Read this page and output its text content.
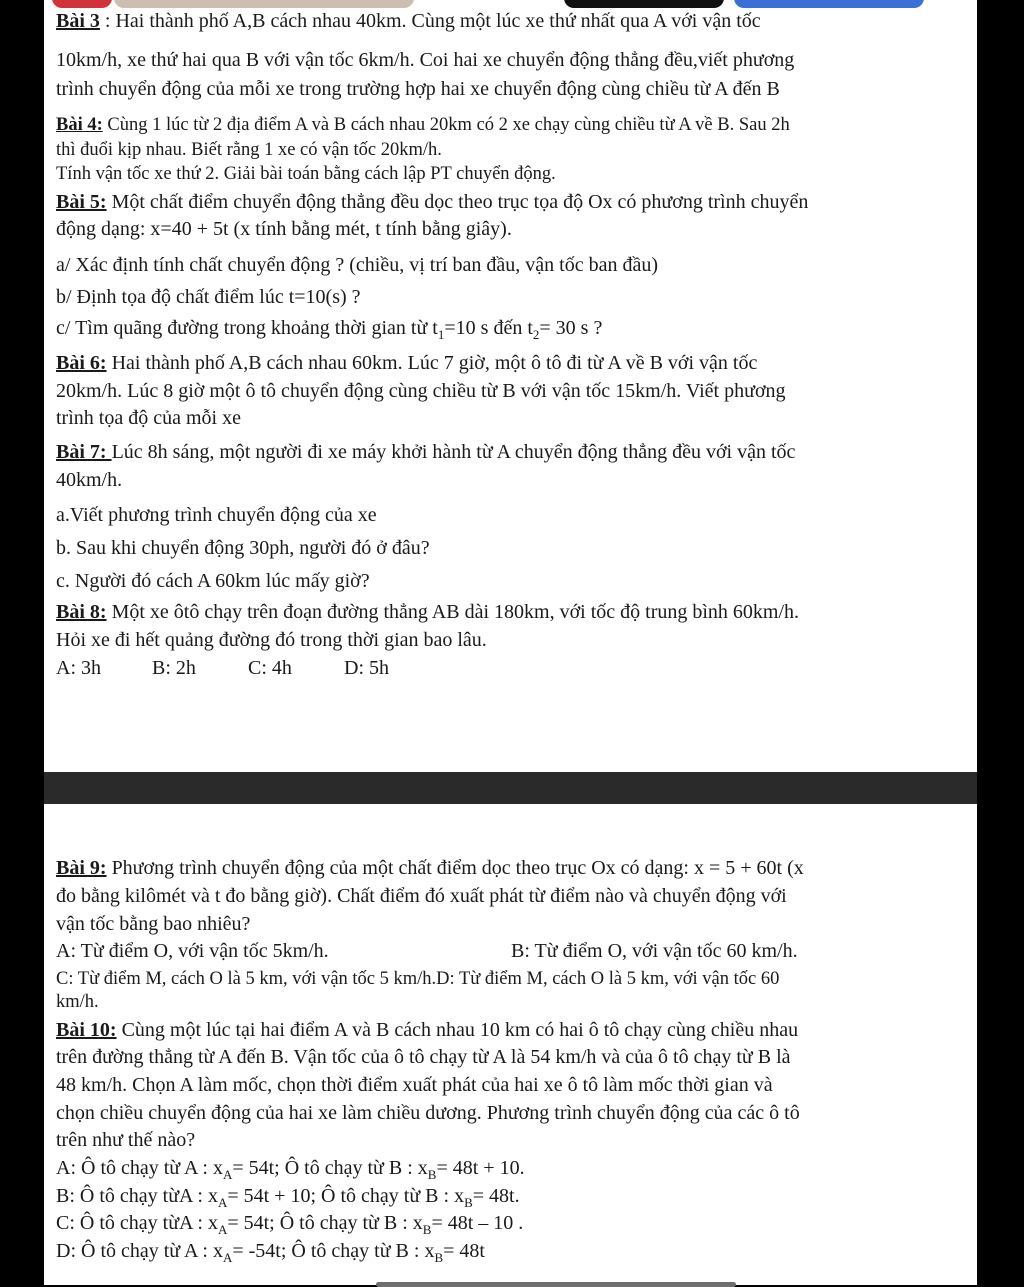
Bài 3 : Hai thành phố A,B cách nhau 40km. Cùng một lúc xe thứ nhất qua A với vận tốc
10km/h, xe thứ hai qua B với vận tốc 6km/h. Coi hai xe chuyển động thẳng đều,viết phương
trình chuyển động của mỗi xe trong trường hợp hai xe chuyển động cùng chiều từ A đến B
Bài 4: Cùng 1 lúc từ 2 địa điểm A và B cách nhau 20km có 2 xe chạy cùng chiều từ A về B. Sau 2h
thì đuổi kịp nhau. Biết rằng 1 xe có vận tốc 20km/h.
Tính vận tốc xe thứ 2. Giải bài toán bằng cách lập PT chuyển động.
Bài 5: Một chất điểm chuyển động thẳng đều dọc theo trục tọa độ Ox có phương trình chuyển
động dạng: x=40 + 5t (x tính bằng mét, t tính bằng giây).
a/ Xác định tính chất chuyển động ? (chiều, vị trí ban đầu, vận tốc ban đầu)
b/ Định tọa độ chất điểm lúc t=10(s) ?
c/ Tìm quãng đường trong khoảng thời gian từ $t_1=10$ s đến $t_2= 30$ s ?
Bài 6: Hai thành phố A,B cách nhau 60km. Lúc 7 giờ, một ô tô đi từ A về B với vận tốc
20km/h. Lúc 8 giờ một ô tô chuyển động cùng chiều từ B với vận tốc 15km/h. Viết phương
trình tọa độ của mỗi xe
Bài 7: Lúc 8h sáng, một người đi xe máy khởi hành từ A chuyển động thẳng đều với vận tốc
40km/h.
a.Viết phương trình chuyển động của xe
b. Sau khi chuyển động 30ph, người đó ở đâu?
c. Người đó cách A 60km lúc mấy giờ?
Bài 8: Một xe ôtô chạy trên đoạn đường thẳng AB dài 180km, với tốc độ trung bình 60km/h.
Hỏi xe đi hết quảng đường đó trong thời gian bao lâu.
A: 3h	B: 2h	C: 4h	D: 5h
Bài 9: Phương trình chuyển động của một chất điểm dọc theo trục Ox có dạng: x = 5 + 60t (x
đo bằng kilômét và t đo bằng giờ). Chất điểm đó xuất phát từ điểm nào và chuyển động với
vận tốc bằng bao nhiêu?
A: Từ điểm O, với vận tốc 5km/h.	B: Từ điểm O, với vận tốc 60 km/h.
C: Từ điểm M, cách O là 5 km, với vận tốc 5 km/h.D: Từ điểm M, cách O là 5 km, với vận tốc 60
km/h.
Bài 10: Cùng một lúc tại hai điểm A và B cách nhau 10 km có hai ô tô chạy cùng chiều nhau
trên đường thẳng từ A đến B. Vận tốc của ô tô chạy từ A là 54 km/h và của ô tô chạy từ B là
48 km/h. Chọn A làm mốc, chọn thời điểm xuất phát của hai xe ô tô làm mốc thời gian và
chọn chiều chuyển động của hai xe làm chiều dương. Phương trình chuyển động của các ô tô
trên như thế nào?
A: Ô tô chạy từ A : $x_A= 54t$; Ô tô chạy từ B : $x_B= 48t + 10$.
B: Ô tô chạy từA : $x_A= 54t + 10$; Ô tô chạy từ B : $x_B= 48t$.
C: Ô tô chạy từA : $x_A= 54t$; Ô tô chạy từ B : $x_B= 48t - 10$ .
D: Ô tô chạy từ A : $x_A= -54t$; Ô tô chạy từ B : $x_B= 48t$
